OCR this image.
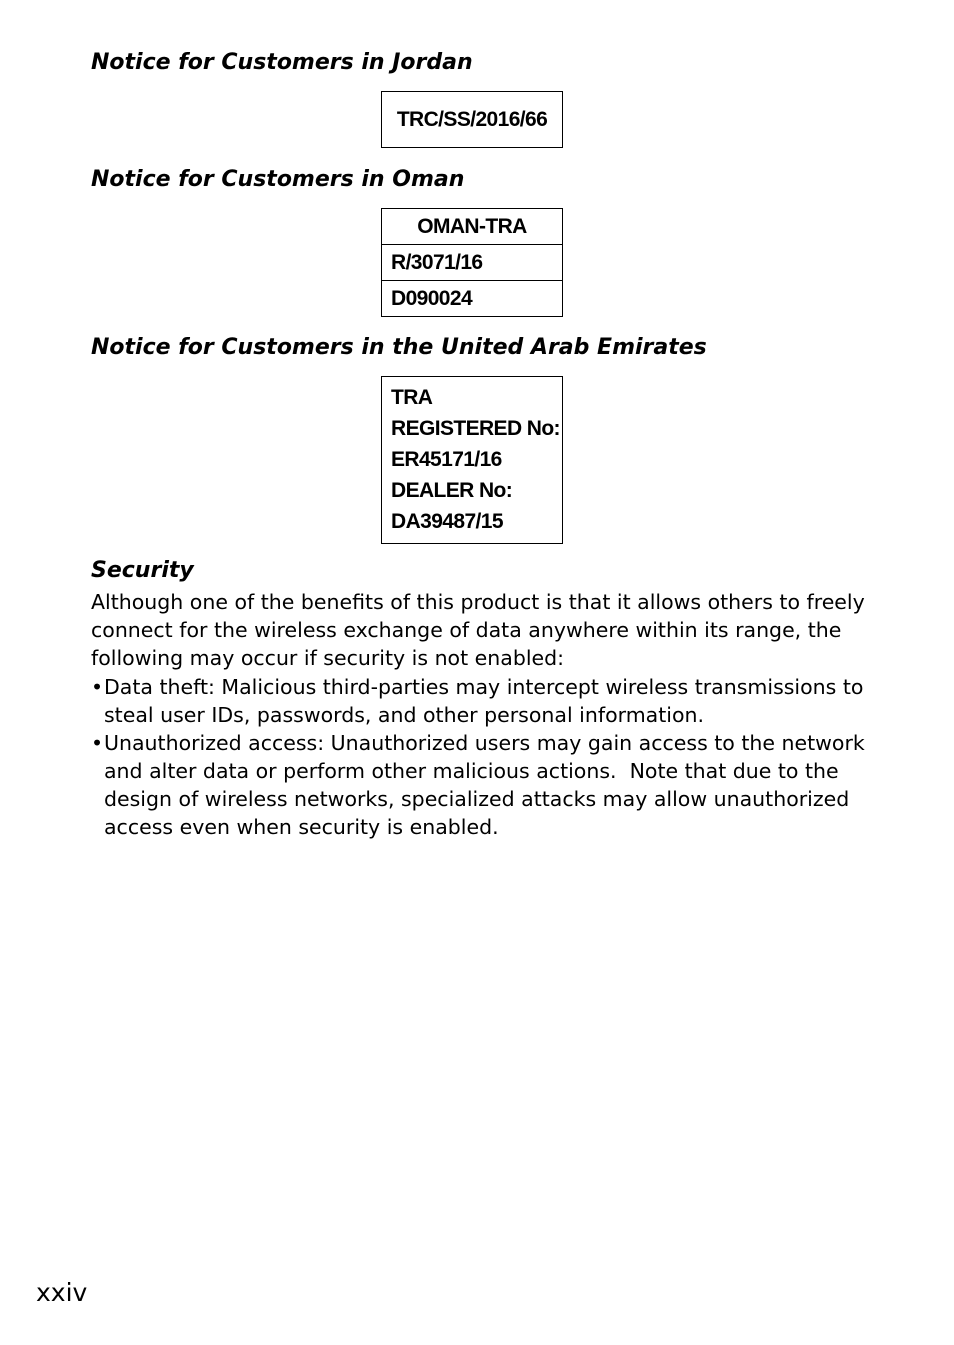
Notice for Customers in Jordan
TRC/SS/2016/66
Notice for Customers in Oman
OMAN-TRA
R/3071/16
D090024
Notice for Customers in the United Arab Emirates
TRA
REGISTERED No:
ER45171/16
DEALER No:
DA39487/15
Security

Although one of the benefits of this product is that it allows others to freely
connect for the wireless exchange of data anywhere within its range, the
following may occur if security is not enabled:

• Data theft: Malicious third-parties may intercept wireless transmissions to
steal user IDs, passwords, and other personal information.
• Unauthorized access: Unauthorized users may gain access to the network
and alter data or perform other malicious actions.  Note that due to the
design of wireless networks, specialized attacks may allow unauthorized
access even when security is enabled.
xxiv
